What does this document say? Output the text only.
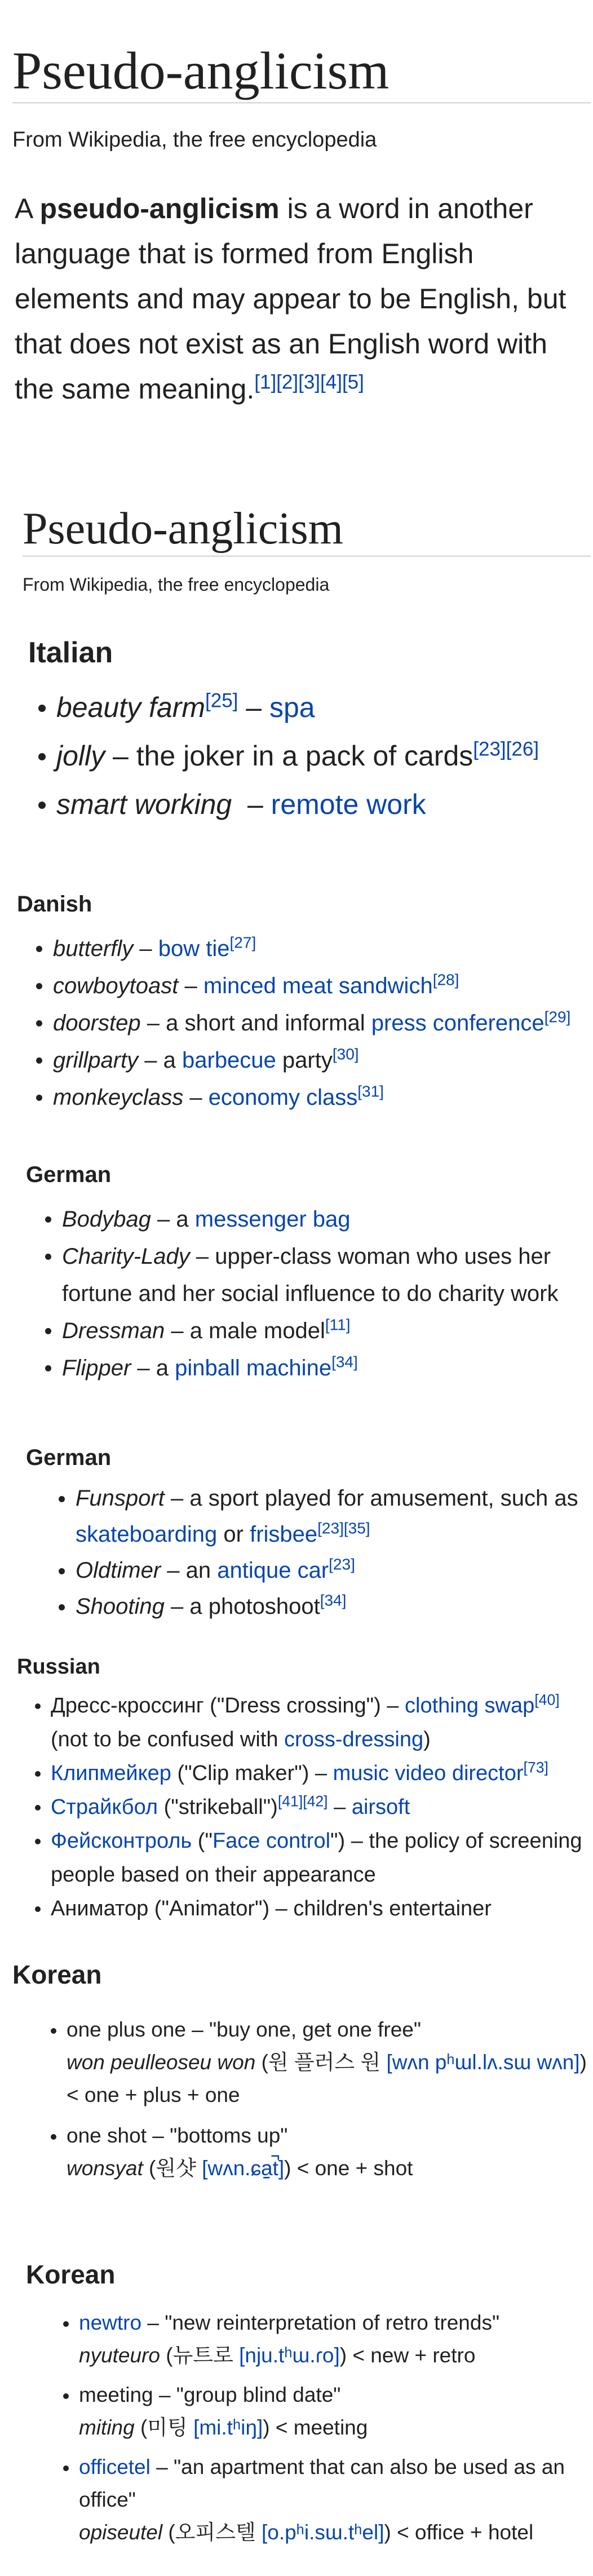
Pseudo-anglicism
From Wikipedia, the free encyclopedia

A pseudo-anglicism is a word in another language that is formed from English elements and may appear to be English, but that does not exist as an English word with the same meaning.[1][2][3][4][5]

Pseudo-anglicism
From Wikipedia, the free encyclopedia
Italian
beauty farm[25] – spa
jolly – the joker in a pack of cards[23][26]
smart working  – remote work
Danish
butterfly – bow tie[27]
cowboytoast – minced meat sandwich[28]
doorstep – a short and informal press conference[29]
grillparty – a barbecue party[30]
monkeyclass – economy class[31]
German
Bodybag – a messenger bag
Charity-Lady – upper-class woman who uses her fortune and her social influence to do charity work
Dressman – a male model[11]
Flipper – a pinball machine[34]
German
Funsport – a sport played for amusement, such as skateboarding or frisbee[23][35]
Oldtimer – an antique car[23]
Shooting – a photoshoot[34]
Russian
Дресс-кроссинг ("Dress crossing") – clothing swap[40]
(not to be confused with cross-dressing)
Клипмейкер ("Clip maker") – music video director[73]
Страйкбол ("strikeball")[41][42] – airsoft
Фейсконтроль ("Face control") – the policy of screening people based on their appearance
Аниматор ("Animator") – children's entertainer
Korean
one plus one – "buy one, get one free"
won peulleoseu won (원 플러스 원 [wʌn pʰɯl.lʌ.sɯ wʌn])
< one + plus + one
one shot – "bottoms up"
wonsyat (원샷 [wʌn.ɕa̠t̚]) < one + shot
Korean
newtro – "new reinterpretation of retro trends"
nyuteuro (뉴트로 [nju.tʰɯ.ɾo]) < new + retro
meeting – "group blind date"
miting (미팅 [mi.tʰiŋ]) < meeting
officetel – "an apartment that can also be used as an office"
opiseutel (오피스텔 [o.pʰi.sɯ.tʰel]) < office + hotel
